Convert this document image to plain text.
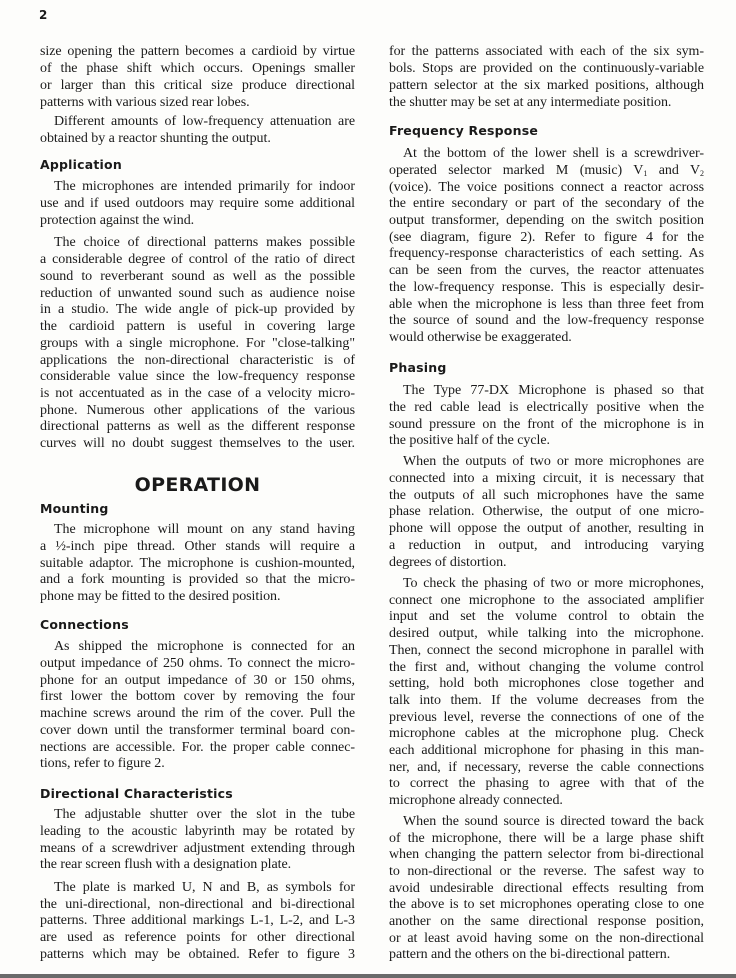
2
size opening the pattern becomes a cardioid by virtue
of the phase shift which occurs. Openings smaller
or larger than this critical size produce directional
patterns with various sized rear lobes.
Different amounts of low-frequency attenuation are
obtained by a reactor shunting the output.
Application
The microphones are intended primarily for indoor
use and if used outdoors may require some additional
protection against the wind.
The choice of directional patterns makes possible
a considerable degree of control of the ratio of direct
sound to reverberant sound as well as the possible
reduction of unwanted sound such as audience noise
in a studio. The wide angle of pick-up provided by
the cardioid pattern is useful in covering large
groups with a single microphone. For "close-talking"
applications the non-directional characteristic is of
considerable value since the low-frequency response
is not accentuated as in the case of a velocity micro-
phone. Numerous other applications of the various
directional patterns as well as the different response
curves will no doubt suggest themselves to the user.
OPERATION
Mounting
The microphone will mount on any stand having
a ½-inch pipe thread. Other stands will require a
suitable adaptor. The microphone is cushion-mounted,
and a fork mounting is provided so that the micro-
phone may be fitted to the desired position.
Connections
As shipped the microphone is connected for an
output impedance of 250 ohms. To connect the micro-
phone for an output impedance of 30 or 150 ohms,
first lower the bottom cover by removing the four
machine screws around the rim of the cover. Pull the
cover down until the transformer terminal board con-
nections are accessible. For. the proper cable connec-
tions, refer to figure 2.
Directional Characteristics
The adjustable shutter over the slot in the tube
leading to the acoustic labyrinth may be rotated by
means of a screwdriver adjustment extending through
the rear screen flush with a designation plate.
The plate is marked U, N and B, as symbols for
the uni-directional, non-directional and bi-directional
patterns. Three additional markings L-1, L-2, and L-3
are used as reference points for other directional
patterns which may be obtained. Refer to figure 3
for the patterns associated with each of the six sym-
bols. Stops are provided on the continuously-variable
pattern selector at the six marked positions, although
the shutter may be set at any intermediate position.
Frequency Response
At the bottom of the lower shell is a screwdriver-
operated selector marked M (music) $V_1$ and $V_2$
(voice). The voice positions connect a reactor across
the entire secondary or part of the secondary of the
output transformer, depending on the switch position
(see diagram, figure 2). Refer to figure 4 for the
frequency-response characteristics of each setting. As
can be seen from the curves, the reactor attenuates
the low-frequency response. This is especially desir-
able when the microphone is less than three feet from
the source of sound and the low-frequency response
would otherwise be exaggerated.
Phasing
The Type 77-DX Microphone is phased so that
the red cable lead is electrically positive when the
sound pressure on the front of the microphone is in
the positive half of the cycle.
When the outputs of two or more microphones are
connected into a mixing circuit, it is necessary that
the outputs of all such microphones have the same
phase relation. Otherwise, the output of one micro-
phone will oppose the output of another, resulting in
a reduction in output, and introducing varying
degrees of distortion.
To check the phasing of two or more microphones,
connect one microphone to the associated amplifier
input and set the volume control to obtain the
desired output, while talking into the microphone.
Then, connect the second microphone in parallel with
the first and, without changing the volume control
setting, hold both microphones close together and
talk into them. If the volume decreases from the
previous level, reverse the connections of one of the
microphone cables at the microphone plug. Check
each additional microphone for phasing in this man-
ner, and, if necessary, reverse the cable connections
to correct the phasing to agree with that of the
microphone already connected.
When the sound source is directed toward the back
of the microphone, there will be a large phase shift
when changing the pattern selector from bi-directional
to non-directional or the reverse. The safest way to
avoid undesirable directional effects resulting from
the above is to set microphones operating close to one
another on the same directional response position,
or at least avoid having some on the non-directional
pattern and the others on the bi-directional pattern.
